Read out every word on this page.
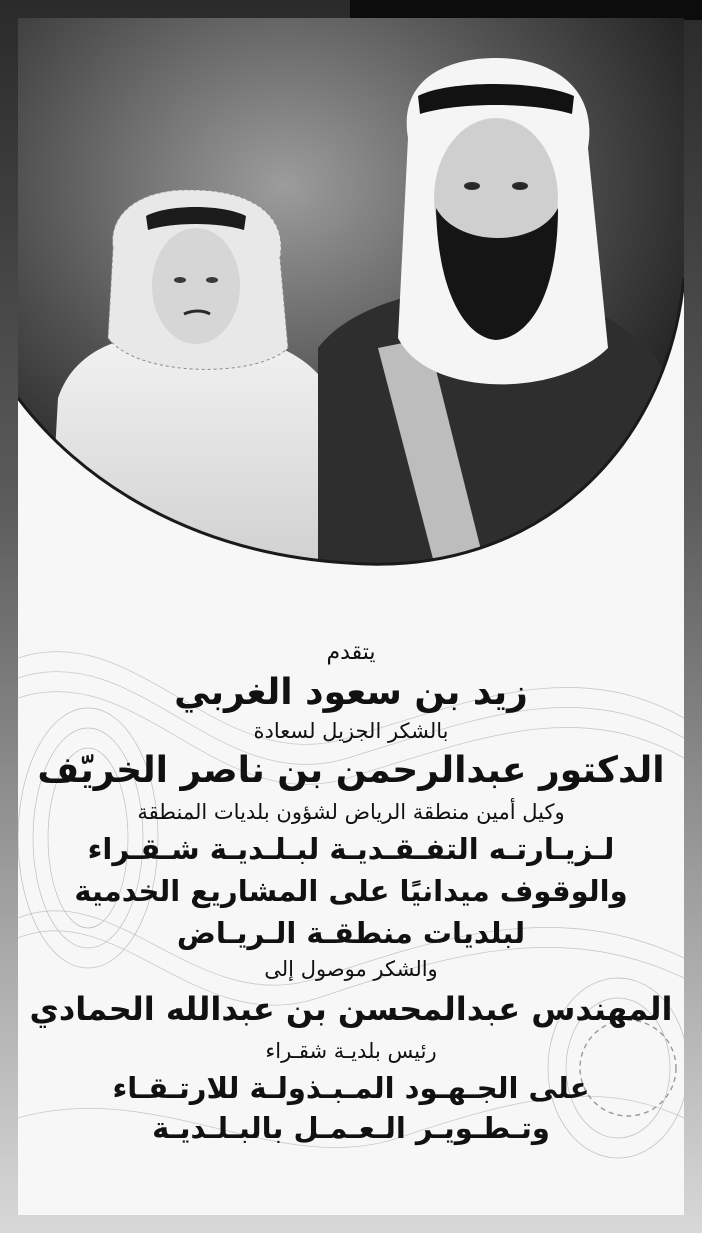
يتقدم

زيد بن سعود الغربي

بالشكر الجزيل لسعادة

الدكتور عبدالرحمن بن ناصر الخريّف

وكيل أمين منطقة الرياض لشؤون بلديات المنطقة

لـزيـارتـه التفـقـديـة لبـلـديـة شـقـراء

والوقوف ميدانيًا على المشاريع الخدمية

لبلديات منطقـة الـريـاض

والشكر موصول إلى

المهندس عبدالمحسن بن عبدالله الحمادي

رئيس بلديـة شقـراء

على الجـهـود المـبـذولـة للارتـقـاء

وتـطـويـر الـعـمـل بالبـلـديـة
